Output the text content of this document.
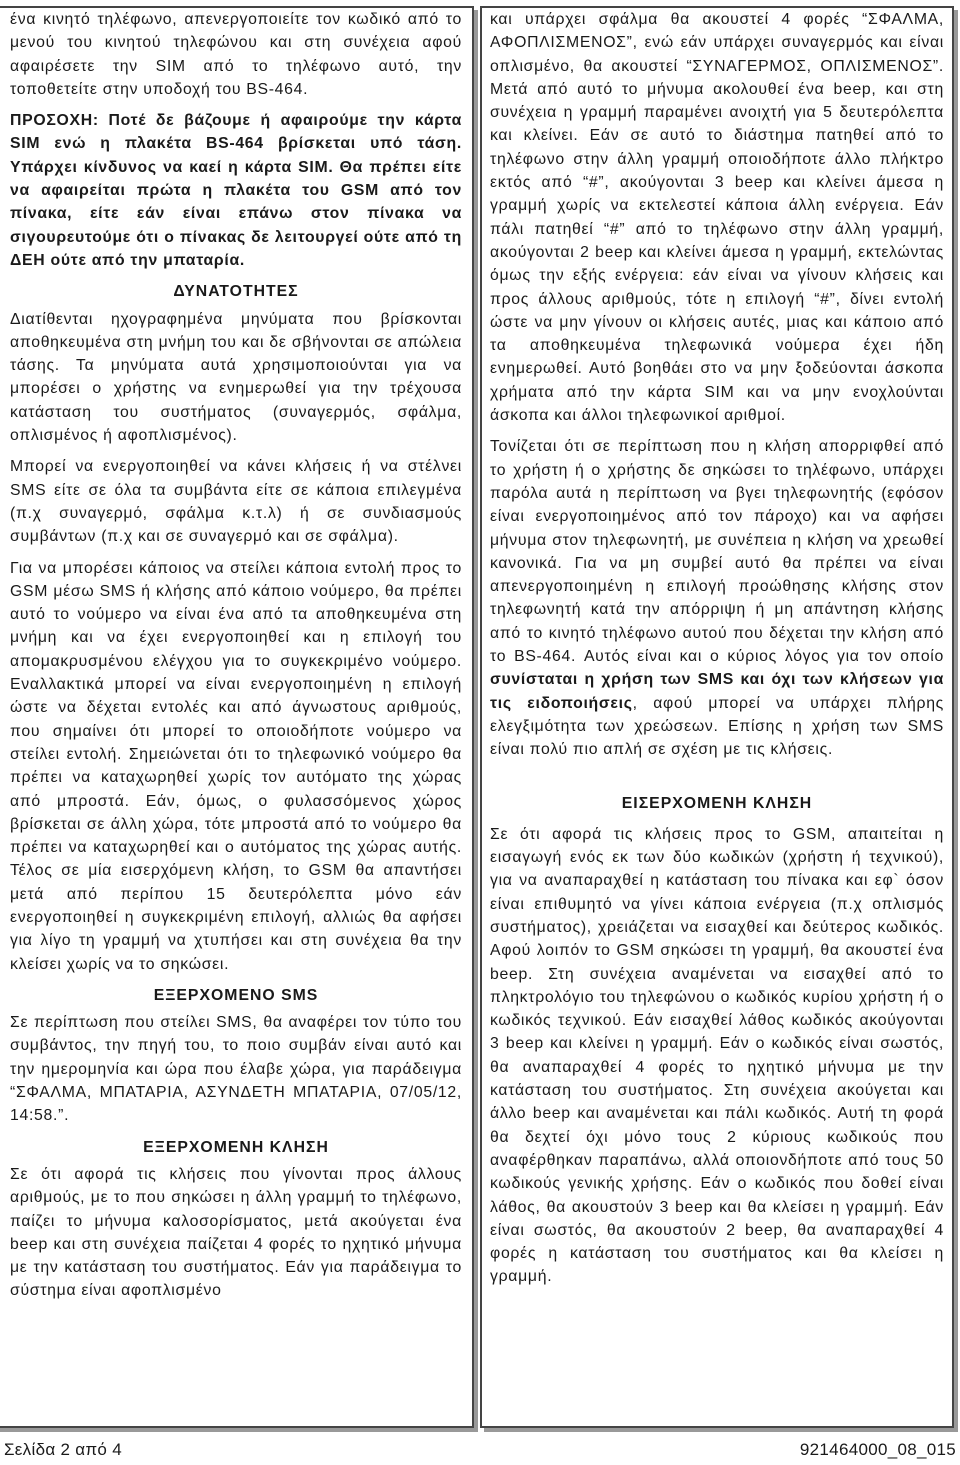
ένα κινητό τηλέφωνο, απενεργοποιείτε τον κωδικό από το μενού του κινητού τηλεφώνου και στη συνέχεια αφού αφαιρέσετε την SIM από το τηλέφωνο αυτό, την τοποθετείτε στην υποδοχή του BS-464.

ΠΡΟΣΟΧΗ: Ποτέ δε βάζουμε ή αφαιρούμε την κάρτα SIM ενώ η πλακέτα BS-464 βρίσκεται υπό τάση. Υπάρχει κίνδυνος να καεί η κάρτα SIM. Θα πρέπει είτε να αφαιρείται πρώτα η πλακέτα του GSM από τον πίνακα, είτε εάν είναι επάνω στον πίνακα να σιγουρευτούμε ότι ο πίνακας δε λειτουργεί ούτε από τη ΔΕΗ ούτε από την μπαταρία.

ΔΥΝΑΤΟΤΗΤΕΣ

Διατίθενται ηχογραφημένα μηνύματα που βρίσκονται αποθηκευμένα στη μνήμη του και δε σβήνονται σε απώλεια τάσης. Τα μηνύματα αυτά χρησιμοποιούνται για να μπορέσει ο χρήστης να ενημερωθεί για την τρέχουσα κατάσταση του συστήματος (συναγερμός, σφάλμα, οπλισμένος ή αφοπλισμένος).

Μπορεί να ενεργοποιηθεί να κάνει κλήσεις ή να στέλνει SMS είτε σε όλα τα συμβάντα είτε σε κάποια επιλεγμένα (π.χ συναγερμό, σφάλμα κ.τ.λ) ή σε συνδιασμούς συμβάντων (π.χ και σε συναγερμό και σε σφάλμα).

Για να μπορέσει κάποιος να στείλει κάποια εντολή προς το GSM μέσω SMS ή κλήσης από κάποιο νούμερο, θα πρέπει αυτό το νούμερο να είναι ένα από τα αποθηκευμένα στη μνήμη και να έχει ενεργοποιηθεί και η επιλογή του απομακρυσμένου ελέγχου για το συγκεκριμένο νούμερο. Εναλλακτικά μπορεί να είναι ενεργοποιημένη η επιλογή ώστε να δέχεται εντολές και από άγνωστους αριθμούς, που σημαίνει ότι μπορεί το οποιοδήποτε νούμερο να στείλει εντολή. Σημειώνεται ότι το τηλεφωνικό νούμερο θα πρέπει να καταχωρηθεί χωρίς τον αυτόματο της χώρας από μπροστά. Εάν, όμως, ο φυλασσόμενος χώρος βρίσκεται σε άλλη χώρα, τότε μπροστά από το νούμερο θα πρέπει να καταχωρηθεί και ο αυτόματος της χώρας αυτής. Τέλος σε μία εισερχόμενη κλήση, το GSM θα απαντήσει μετά από περίπου 15 δευτερόλεπτα μόνο εάν ενεργοποιηθεί η συγκεκριμένη επιλογή, αλλιώς θα αφήσει για λίγο τη γραμμή να χτυπήσει και στη συνέχεια θα την κλείσει χωρίς να το σηκώσει.

ΕΞΕΡΧΟΜΕΝΟ SMS

Σε περίπτωση που στείλει SMS, θα αναφέρει τον τύπο του συμβάντος, την πηγή του, το ποιο συμβάν είναι αυτό και την ημερομηνία και ώρα που έλαβε χώρα, για παράδειγμα “ΣΦΑΛΜΑ, ΜΠΑΤΑΡΙΑ, ΑΣΥΝΔΕΤΗ ΜΠΑΤΑΡΙΑ, 07/05/12, 14:58.”.

ΕΞΕΡΧΟΜΕΝΗ ΚΛΗΣΗ

Σε ότι αφορά τις κλήσεις που γίνονται προς άλλους αριθμούς, με το που σηκώσει η άλλη γραμμή το τηλέφωνο, παίζει το μήνυμα καλοσορίσματος, μετά ακούγεται ένα beep και στη συνέχεια παίζεται 4 φορές το ηχητικό μήνυμα με την κατάσταση του συστήματος. Εάν για παράδειγμα το σύστημα είναι αφοπλισμένο

και υπάρχει σφάλμα θα ακουστεί 4 φορές “ΣΦΑΛΜΑ, ΑΦΟΠΛΙΣΜΕΝΟΣ”, ενώ εάν υπάρχει συναγερμός και είναι οπλισμένο, θα ακουστεί “ΣΥΝΑΓΕΡΜΟΣ, ΟΠΛΙΣΜΕΝΟΣ”. Μετά από αυτό το μήνυμα ακολουθεί ένα beep, και στη συνέχεια η γραμμή παραμένει ανοιχτή για 5 δευτερόλεπτα και κλείνει. Εάν σε αυτό το διάστημα πατηθεί από το τηλέφωνο στην άλλη γραμμή οποιοδήποτε άλλο πλήκτρο εκτός από “#”, ακούγονται 3 beep και κλείνει άμεσα η γραμμή χωρίς να εκτελεστεί κάποια άλλη ενέργεια. Εάν πάλι πατηθεί “#” από το τηλέφωνο στην άλλη γραμμή, ακούγονται 2 beep και κλείνει άμεσα η γραμμή, εκτελώντας όμως την εξής ενέργεια: εάν είναι να γίνουν κλήσεις και προς άλλους αριθμούς, τότε η επιλογή “#”, δίνει εντολή ώστε να μην γίνουν οι κλήσεις αυτές, μιας και κάποιο από τα αποθηκευμένα τηλεφωνικά νούμερα έχει ήδη ενημερωθεί. Αυτό βοηθάει στο να μην ξοδεύονται άσκοπα χρήματα από την κάρτα SIM και να μην ενοχλούνται άσκοπα και άλλοι τηλεφωνικοί αριθμοί.

Τονίζεται ότι σε περίπτωση που η κλήση απορριφθεί από το χρήστη ή ο χρήστης δε σηκώσει το τηλέφωνο, υπάρχει παρόλα αυτά η περίπτωση να βγει τηλεφωνητής (εφόσον είναι ενεργοποιημένος από τον πάροχο) και να αφήσει μήνυμα στον τηλεφωνητή, με συνέπεια η κλήση να χρεωθεί κανονικά. Για να μη συμβεί αυτό θα πρέπει να είναι απενεργοποιημένη η επιλογή προώθησης κλήσης στον τηλεφωνητή κατά την απόρριψη ή μη απάντηση κλήσης από το κινητό τηλέφωνο αυτού που δέχεται την κλήση από το BS-464. Αυτός είναι και ο κύριος λόγος για τον οποίο συνίσταται η χρήση των SMS και όχι των κλήσεων για τις ειδοποιήσεις, αφού μπορεί να υπάρχει πλήρης ελεγξιμότητα των χρεώσεων. Επίσης η χρήση των SMS είναι πολύ πιο απλή σε σχέση με τις κλήσεις.

ΕΙΣΕΡΧΟΜΕΝΗ ΚΛΗΣΗ

Σε ότι αφορά τις κλήσεις προς το GSM, απαιτείται η εισαγωγή ενός εκ των δύο κωδικών (χρήστη ή τεχνικού), για να αναπαραχθεί η κατάσταση του πίνακα και εφ` όσον είναι επιθυμητό να γίνει κάποια ενέργεια (π.χ οπλισμός συστήματος), χρειάζεται να εισαχθεί και δεύτερος κωδικός. Αφού λοιπόν το GSM σηκώσει τη γραμμή, θα ακουστεί ένα beep. Στη συνέχεια αναμένεται να εισαχθεί από το πληκτρολόγιο του τηλεφώνου ο κωδικός κυρίου χρήστη ή ο κωδικός τεχνικού. Εάν εισαχθεί λάθος κωδικός ακούγονται 3 beep και κλείνει η γραμμή. Εάν ο κωδικός είναι σωστός, θα αναπαραχθεί 4 φορές το ηχητικό μήνυμα με την κατάσταση του συστήματος. Στη συνέχεια ακούγεται και άλλο beep και αναμένεται και πάλι κωδικός. Αυτή τη φορά θα δεχτεί όχι μόνο τους 2 κύριους κωδικούς που αναφέρθηκαν παραπάνω, αλλά οποιονδήποτε από τους 50 κωδικούς γενικής χρήσης. Εάν ο κωδικός που δοθεί είναι λάθος, θα ακουστούν 3 beep και θα κλείσει η γραμμή. Εάν είναι σωστός, θα ακουστούν 2 beep, θα αναπαραχθεί 4 φορές η κατάσταση του συστήματος και θα κλείσει η γραμμή.

Σελίδα 2 από 4	921464000_08_015
